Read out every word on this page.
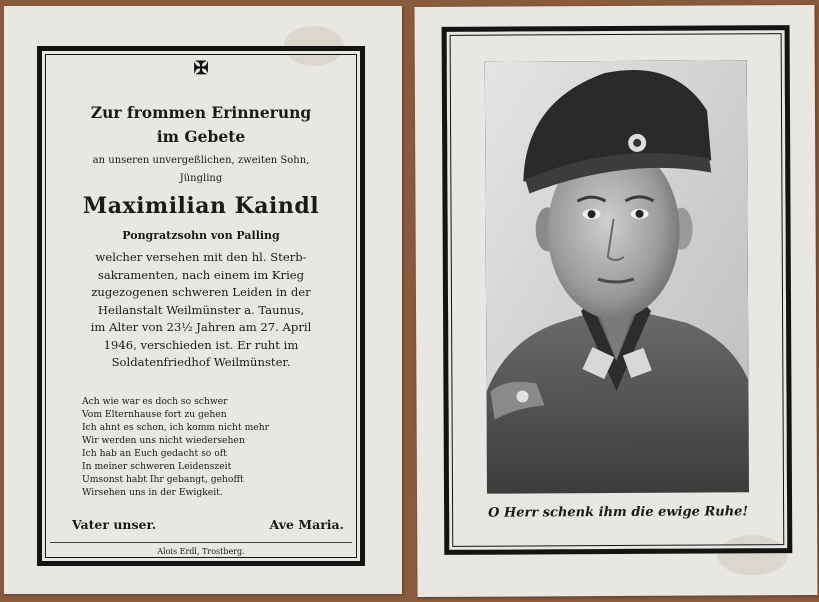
✠
Zur frommen Erinnerung
im Gebete
an unseren unvergeßlichen, zweiten Sohn,
Jüngling
Maximilian Kaindl
Pongratzsohn von Palling

welcher versehen mit den hl. Sterb-

sakramenten, nach einem im Krieg

zugezogenen schweren Leiden in der

Heilanstalt Weilmünster a. Taunus,

im Alter von 23½ Jahren am 27. April

1946, verschieden ist. Er ruht im

Soldatenfriedhof Weilmünster.

Ach wie war es doch so schwer

Vom Elternhause fort zu gehen

Ich ahnt es schon, ich komm nicht mehr

Wir werden uns nicht wiedersehen

Ich hab an Euch gedacht so oft

In meiner schweren Leidenszeit

Umsonst habt Ihr gebangt, gehofft

Wirsehen uns in der Ewigkeit.

Vater unser.	Ave Maria.
Alois Erdl, Trostberg.
O Herr schenk ihm die ewige Ruhe!
